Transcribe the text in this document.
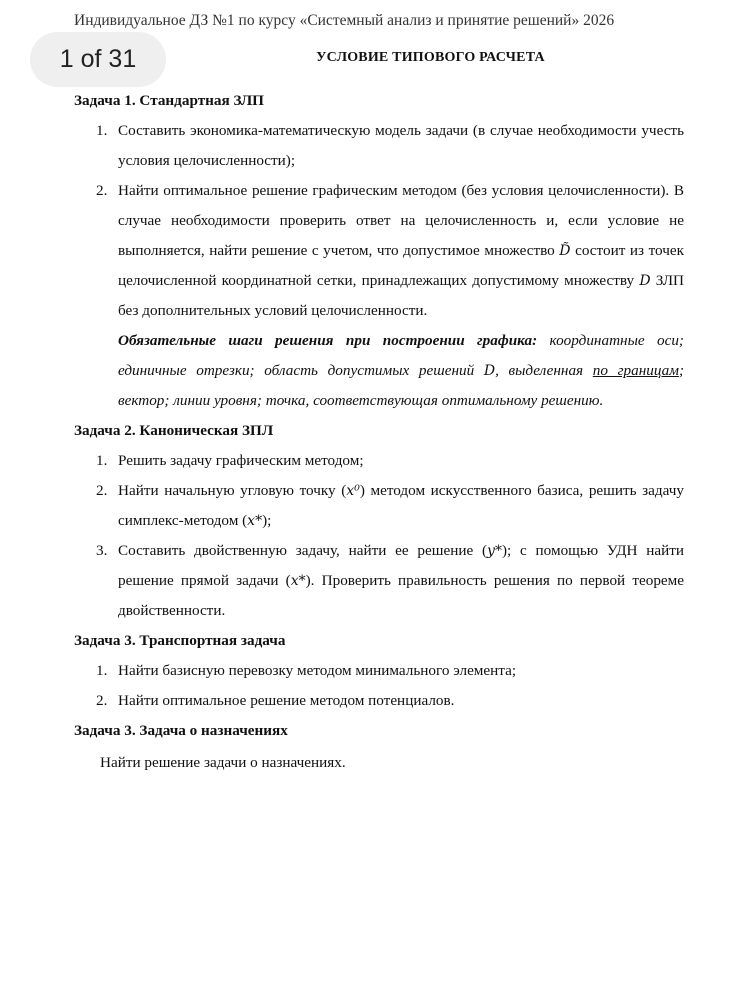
Индивидуальное ДЗ №1 по курсу «Системный анализ и принятие решений» 2026
1 of 31	УСЛОВИЕ ТИПОВОГО РАСЧЕТА

Задача 1. Стандартная ЗЛП

1. Составить экономика-математическую модель задачи (в случае необходимости учесть условия целочисленности);
2. Найти оптимальное решение графическим методом (без условия целочисленности). В случае необходимости проверить ответ на целочисленность и, если условие не выполняется, найти решение с учетом, что допустимое множество D̃ состоит из точек целочисленной координатной сетки, принадлежащих допустимому множеству D ЗЛП без дополнительных условий целочисленности.

Обязательные шаги решения при построении графика: координатные оси; единичные отрезки; область допустимых решений D, выделенная по границам; вектор; линии уровня; точка, соответствующая оптимальному решению.

Задача 2. Каноническая ЗПЛ

1. Решить задачу графическим методом;
2. Найти начальную угловую точку (x⁰) методом искусственного базиса, решить задачу симплекс-методом (x*);
3. Составить двойственную задачу, найти ее решение (y*); с помощью УДН найти решение прямой задачи (x*). Проверить правильность решения по первой теореме двойственности.

Задача 3. Транспортная задача

1. Найти базисную перевозку методом минимального элемента;
2. Найти оптимальное решение методом потенциалов.

Задача 3. Задача о назначениях

Найти решение задачи о назначениях.
